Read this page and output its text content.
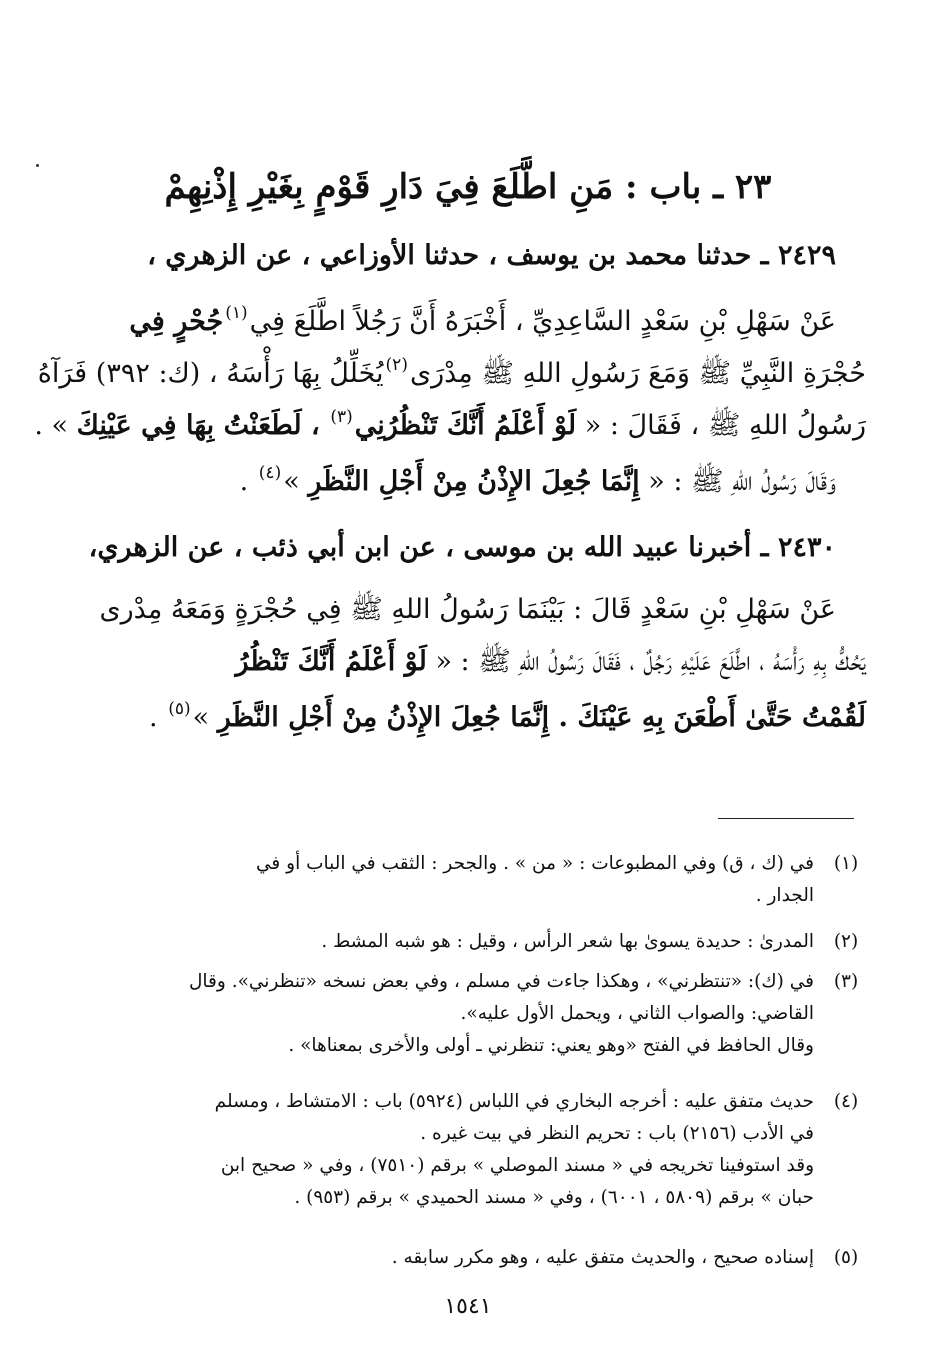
٢٣ ـ باب : مَنِ اطَّلَعَ فِيَ دَارِ قَوْمٍ بِغَيْرِ إِذْنِهِمْ
٢٤٢٩ ـ حدثنا محمد بن يوسف ، حدثنا الأوزاعي ، عن الزهري ،
عَنْ سَهْلِ بْنِ سَعْدٍ السَّاعِدِيِّ ، أَخْبَرَهُ أَنَّ رَجُلاً اطَّلَعَ فِي$^{(١)}$جُحْرٍ فِي
حُجْرَةِ النَّبِيِّ ﷺ وَمَعَ رَسُولِ اللهِ ﷺ مِدْرَى$^{(٢)}$يُخَلِّلُ بِهَا رَأْسَهُ ، (ك: ٣٩٢) فَرَآهُ
رَسُولُ اللهِ ﷺ ، فَقَالَ : « لَوْ أَعْلَمُ أَنَّكَ تَنْظُرُنِي$^{(٣)}$ ، لَطَعَنْتُ بِهَا فِي عَيْنِكَ » .
وَقَالَ رَسُولُ اللهِ ﷺ : « إِنَّمَا جُعِلَ الإِذْنُ مِنْ أَجْلِ النَّظَرِ »$^{(٤)}$ .
٢٤٣٠ ـ أخبرنا عبيد الله بن موسى ، عن ابن أبي ذئب ، عن الزهري،
عَنْ سَهْلِ بْنِ سَعْدٍ قَالَ : بَيْنَمَا رَسُولُ اللهِ ﷺ فِي حُجْرَةٍ وَمَعَهُ مِدْرى
يَحُكُّ بِهِ رَأْسَهُ ، اطَّلَعَ عَلَيْهِ رَجُلٌ ، فَقَالَ رَسُولُ اللهِ ﷺ : « لَوْ أَعْلَمُ أَنَّكَ تَنْظُرُ
لَقُمْتُ حَتَّىٰ أَطْعَنَ بِهِ عَيْنَكَ . إِنَّمَا جُعِلَ الإِذْنُ مِنْ أَجْلِ النَّظَرِ »$^{(٥)}$ .
(١)
في (ك ، ق) وفي المطبوعات : « من » . والجحر : الثقب في الباب أو في
الجدار .
(٢)
المدرىٰ : حديدة يسوىٰ بها شعر الرأس ، وقيل : هو شبه المشط .
(٣)
في (ك): «تنتظرني» ، وهكذا جاءت في مسلم ، وفي بعض نسخه «تنظرني». وقال
القاضي: والصواب الثاني ، ويحمل الأول عليه».
وقال الحافظ في الفتح «وهو يعني: تنظرني ـ أولى والأخرى بمعناها» .
(٤)
حديث متفق عليه : أخرجه البخاري في اللباس (٥٩٢٤) باب : الامتشاط ، ومسلم
في الأدب (٢١٥٦) باب : تحريم النظر في بيت غيره .
وقد استوفينا تخريجه في « مسند الموصلي » برقم (٧٥١٠) ، وفي « صحيح ابن
حبان » برقم (٥٨٠٩ ، ٦٠٠١) ، وفي « مسند الحميدي » برقم (٩٥٣) .
(٥)
إسناده صحيح ، والحديث متفق عليه ، وهو مكرر سابقه .
١٥٤١
